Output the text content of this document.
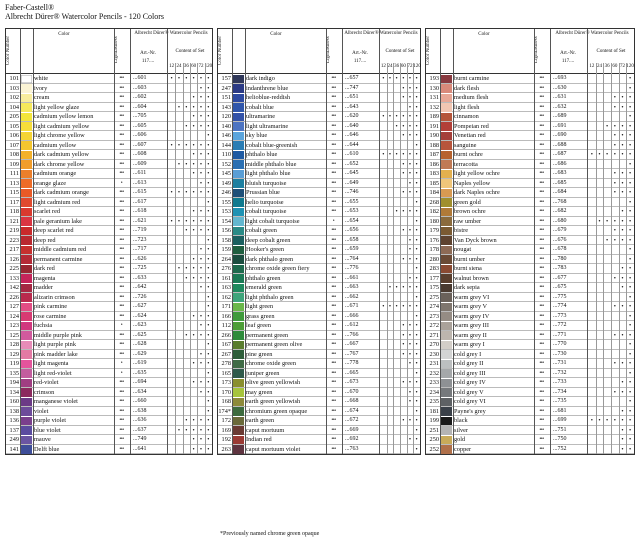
Faber-Castell®
Albrecht Dürer® Watercolor Pencils - 120 Colors
Color Number
Color
Lightfastness
Albrecht Dürer® Watercolor Pencils
Art.-Nr.
117....
Content of Set
12 24 36 60 72 120
101 white	•••	...601	• • • • • •
103 ivory	•••	...603	• •
102 cream	•••	...602	• • •
104 light yellow glaze	•••	...604	• • • • •
205 cadmium yellow lemon	•••	...705	• • •
105 light cadmium yellow	•••	...605	• • • •
106 light chrome yellow	•••	...606	•
107 cadmium yellow	•••	...607	• • • • • •
108 dark cadmium yellow	•••	...608	• • •
109 dark chrome yellow	•••	...609	• • • • •
111 cadmium orange	•••	...611	• • •
113 orange glaze	•	...613	• •
115 dark cadmium orange	•••	...615	• • • • • •
117 light cadmium red	•••	...617	•
118 scarlet red	•••	...618	• • •
121 pale geranium lake	•••	...621	• • • • • •
219 deep scarlet red	•••	...719	• • • •
223 deep red	•••	...723	•
217 middle cadmium red	•••	...717	• •
126 permanent carmine	•••	...626	• • •
225 dark red	•••	...725	• • • • •
133 magenta	•••	...633	• • • •
142 madder	•••	...642	• •
226 alizarin crimson	•••	...726	•
127 pink carmine	•••	...627	•
124 rose carmine	•••	...624	• • •
123 fuchsia	•	...623	• •
125 middle purple pink	•••	...625	• • • •
128 light purple pink	•••	...628	•
129 pink madder lake	•••	...629	• •
119 light magenta	•	...619	• • •
135 light red-violet	•	...635	•
194 red-violet	•••	...694	• • •
134 crimson	•••	...634	• •
160 manganese violet	•••	...660	•
138 violet	•••	...638	•
136 purple violet	•••	...636	• • • •
137 blue violet	•••	...637	• • • • •
249 mauve	•••	...749	• • •
141 Delft blue	•••	...641	• • •
Color Number
Color
Lightfastness
Albrecht Dürer® Watercolor Pencils
Art.-Nr.
117....
Content of Set
12 24 36 60 72 120
157 dark indigo	•••	...657	• • • • • •
247 indanthrene blue	•••	...747	• • •
151 helioblue-reddish	•••	...651	• • •
143 cobalt blue	•••	...643	• •
120 ultramarine	•••	...620	• • • • • •
140 light ultramarine	•••	...640	• • • •
146 sky blue	•••	...646	• • •
144 cobalt blue-greenish	•••	...644	•
110 phthalo blue	•••	...610	• • • • • •
152 middle phthalo blue	•••	...652	• • •
145 light phthalo blue	•••	...645	• • •
149 bluish turquoise	•••	...649	• •
246 Prussian blue	•••	...746	• • •
155 helio turquoise	•••	...655	•
153 cobalt turquoise	•••	...653	• • • •
154 light cobalt turquoise	•	...654	•
156 cobalt green	•••	...656	• • •
158 deep cobalt green	•••	...658	• •
159 Hooker's green	•••	...659	• •
264 dark phthalo green	•••	...764	• • •
276 chrome oxide green fiery	•••	...776	•
161 phthalo green	•••	...661	• •
163 emerald green	•••	...663	• • • • •
162 light phthalo green	•••	...662	•
171 light green	•••	...671	• • • • • •
166 grass green	•••	...666	•
112 leaf green	•••	...612	• • •
266 permanent green	•••	...766	• • •
167 permanent green olive	•••	...667	• • •
267 pine green	•••	...767	• • •
278 chrome oxide green	•••	...778	• •
165 juniper green	•••	...665	•
173 olive green yellowish	•••	...673	• • •
170 may green	•••	...670	• •
168 earth green yellowish	•••	...668	• •
174* chromium green opaque	•••	...674	•
172 earth green	•••	...672	• • •
169 caput mortuum	•••	...669	•
192 Indian red	•••	...692	• •
263 caput mortuum violet	•••	...763	•
Color Number
Color
Lightfastness
Albrecht Dürer® Watercolor Pencils
Art.-Nr.
117....
Content of Set
12 24 36 60 72 120
193 burnt carmine	•••	...693	•
130 dark flesh	•••	...630	•
131 medium flesh	•••	...631	• • •
132 light flesh	•••	...632	• • •
189 cinnamon	•••	...689	•
191 Pompeian red	•••	...691	• • • •
190 Venetian red	•••	...690	• • •
188 sanguine	•••	...688	• • •
187 burnt ochre	•••	...687	• • • • • •
186 terracotta	•••	...686	•
183 light yellow ochre	•••	...683	• • •
185 Naples yellow	•••	...685	• • •
184 dark Naples ochre	•••	...684	• • •
268 green gold	•••	...768	•
182 brown ochre	•••	...682	• •
180 raw umber	•••	...680	• • • • •
179 bistre	•••	...679	• • •
176 Van Dyck brown	•••	...676	• • • •
178 nougat	•••	...678	•
280 burnt umber	•••	...780	•
283 burnt siena	•••	...783	• •
177 walnut brown	•••	...677	• • •
175 dark sepia	•••	...675	• •
275 warm grey VI	•••	...775	•
274 warm grey V	•••	...774	• • •
273 warm grey IV	•••	...773	•
272 warm grey III	•••	...772	•
271 warm grey II	•••	...771	• • •
270 warm grey I	•••	...770	•
230 cold grey I	•••	...730	•
231 cold grey II	•••	...731	• • •
232 cold grey III	•••	...732	•
233 cold grey IV	•••	...733	• •
234 cold grey V	•••	...734	• • •
235 cold grey VI	•••	...735	•
181 Payne's grey	•••	...681	• •
199 black	•••	...699	• • • • • •
251 silver	•••	...751	• •
250 gold	•••	...750	• •
252 copper	•••	...752	• •
*Previously named chrome green opaque
